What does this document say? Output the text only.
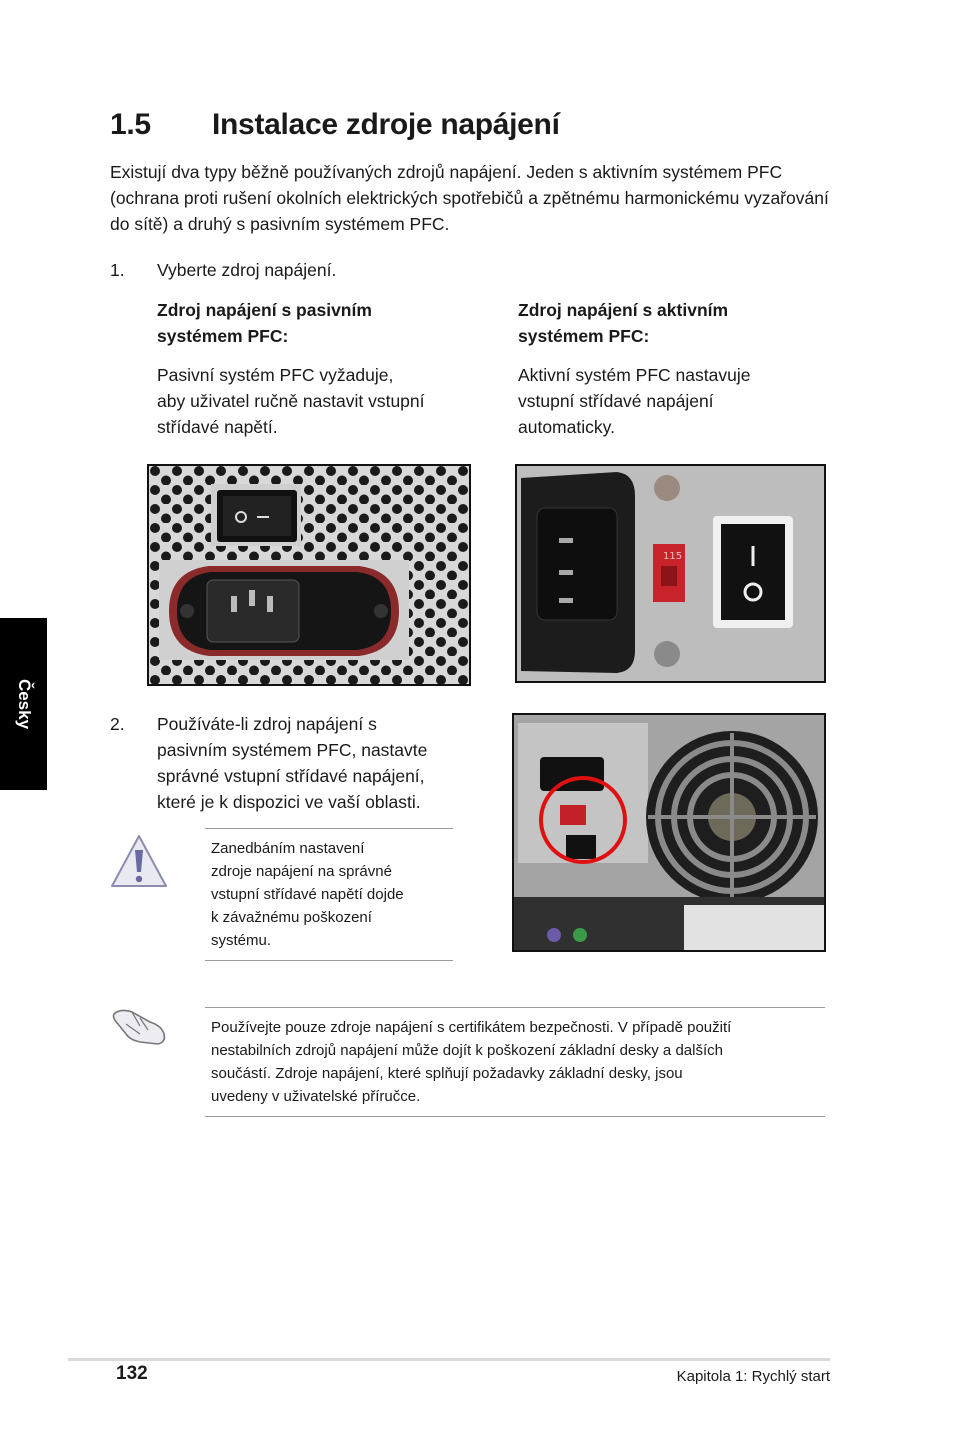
1.5 Instalace zdroje napájení
Existují dva typy běžně používaných zdrojů napájení. Jeden s aktivním systémem PFC (ochrana proti rušení okolních elektrických spotřebičů a zpětnému harmonickému vyzařování do sítě) a druhý s pasivním systémem PFC.
1. Vyberte zdroj napájení.
Zdroj napájení s pasivním
systémem PFC:
Pasivní systém PFC vyžaduje,
aby uživatel ručně nastavit vstupní
střídavé napětí.
Zdroj napájení s aktivním
systémem PFC:
Aktivní systém PFC nastavuje
vstupní střídavé napájení
automaticky.
115
2. Používáte-li zdroj napájení s
pasivním systémem PFC, nastavte
správné vstupní střídavé napájení,
které je k dispozici ve vaší oblasti.
Zanedbáním nastavení
zdroje napájení na správné
vstupní střídavé napětí dojde
k závažnému poškození
systému.
Používejte pouze zdroje napájení s certifikátem bezpečnosti. V případě použití
nestabilních zdrojů napájení může dojít k poškození základní desky a dalších
součástí. Zdroje napájení, které splňují požadavky základní desky, jsou
uvedeny v uživatelské příručce.
Česky
132	Kapitola 1: Rychlý start
